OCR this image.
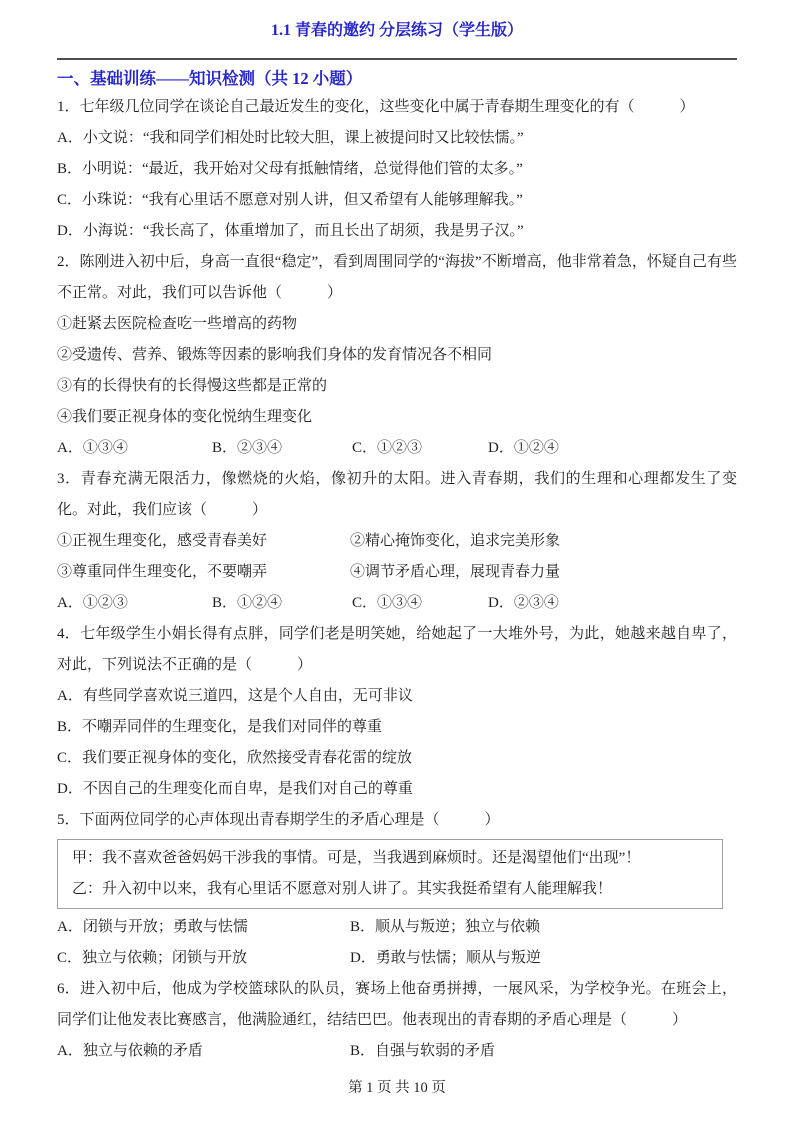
1.1 青春的邀约 分层练习（学生版）
一、基础训练——知识检测（共 12 小题）
1．七年级几位同学在谈论自己最近发生的变化，这些变化中属于青春期生理变化的有（　　　）
A．小文说：“我和同学们相处时比较大胆，课上被提问时又比较怯懦。”
B．小明说：“最近，我开始对父母有抵触情绪，总觉得他们管的太多。”
C．小珠说：“我有心里话不愿意对别人讲，但又希望有人能够理解我。”
D．小海说：“我长高了，体重增加了，而且长出了胡须，我是男子汉。”
2．陈刚进入初中后，身高一直很“稳定”，看到周围同学的“海拔”不断增高，他非常着急，怀疑自己有些不正常。对此，我们可以告诉他（　　　）
①赶紧去医院检查吃一些增高的药物
②受遗传、营养、锻炼等因素的影响我们身体的发育情况各不相同
③有的长得快有的长得慢这些都是正常的
④我们要正视身体的变化悦纳生理变化
A．①③④	B．②③④	C．①②③	D．①②④
3．青春充满无限活力，像燃烧的火焰，像初升的太阳。进入青春期，我们的生理和心理都发生了变化。对此，我们应该（　　　）
①正视生理变化，感受青春美好	②精心掩饰变化，追求完美形象
③尊重同伴生理变化，不要嘲弄	④调节矛盾心理，展现青春力量
A．①②③	B．①②④	C．①③④	D．②③④
4．七年级学生小娟长得有点胖，同学们老是明笑她，给她起了一大堆外号，为此，她越来越自卑了，对此，下列说法不正确的是（　　　）
A．有些同学喜欢说三道四，这是个人自由，无可非议
B．不嘲弄同伴的生理变化，是我们对同伴的尊重
C．我们要正视身体的变化，欣然接受青春花雷的绽放
D．不因自己的生理变化而自卑，是我们对自己的尊重
5．下面两位同学的心声体现出青春期学生的矛盾心理是（　　　）
甲：我不喜欢爸爸妈妈干涉我的事情。可是，当我遇到麻烦时。还是渴望他们“出现”！
乙：升入初中以来，我有心里话不愿意对别人讲了。其实我挺希望有人能理解我！
A．闭锁与开放；勇敢与怯懦	B．顺从与叛逆；独立与依赖
C．独立与依赖；闭锁与开放	D．勇敢与怯懦；顺从与叛逆
6．进入初中后，他成为学校篮球队的队员，赛场上他奋勇拼搏，一展风采，为学校争光。在班会上，同学们让他发表比赛感言，他满脸通红，结结巴巴。他表现出的青春期的矛盾心理是（　　　）
A．独立与依赖的矛盾	B．自强与软弱的矛盾
第 1 页 共 10 页
